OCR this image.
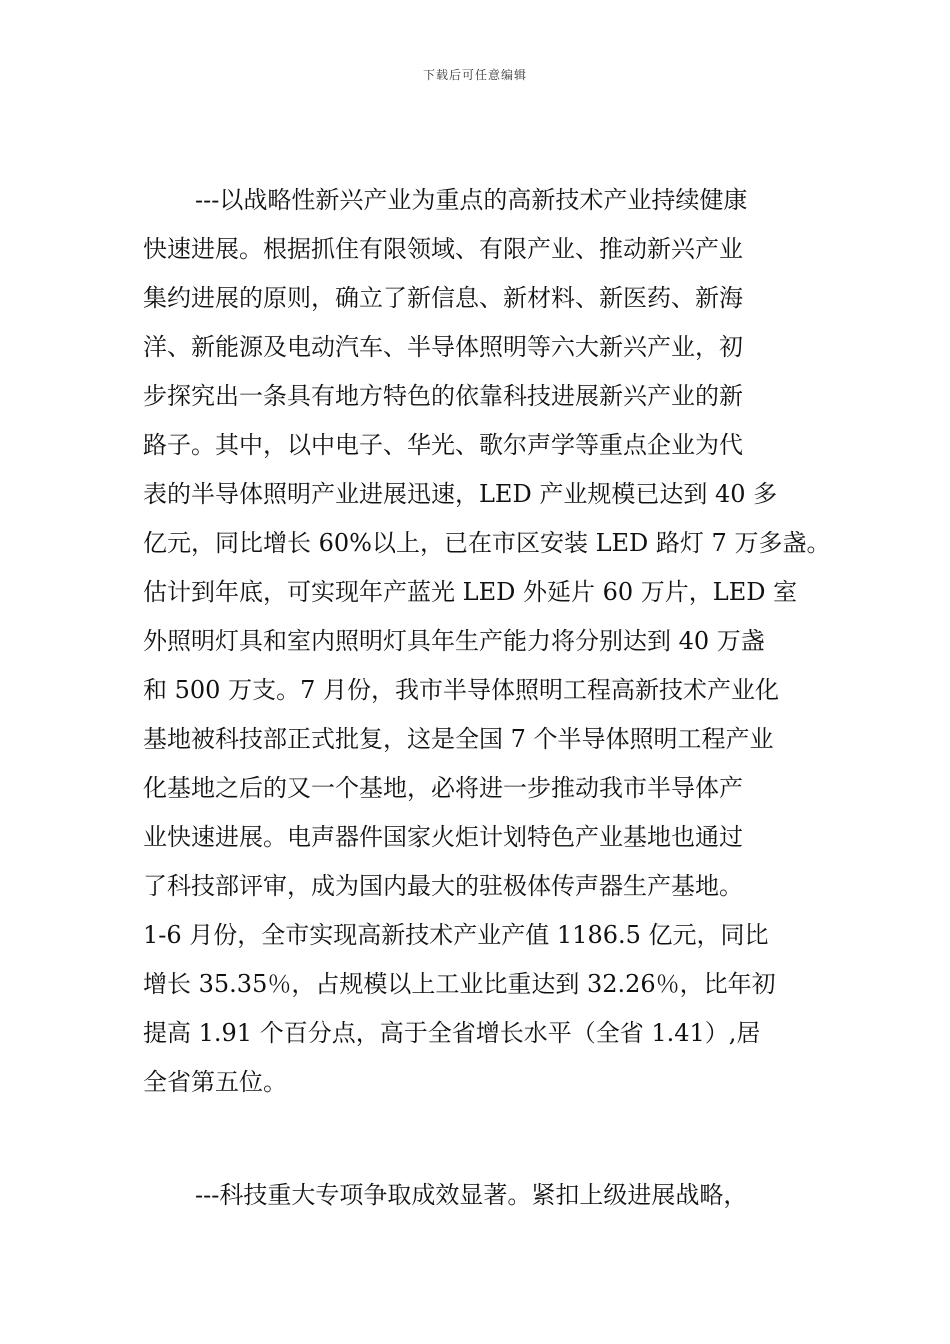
下载后可任意编辑
---以战略性新兴产业为重点的高新技术产业持续健康
快速进展。根据抓住有限领域、有限产业、推动新兴产业
集约进展的原则，确立了新信息、新材料、新医药、新海
洋、新能源及电动汽车、半导体照明等六大新兴产业，初
步探究出一条具有地方特色的依靠科技进展新兴产业的新
路子。其中，以中电子、华光、歌尔声学等重点企业为代
表的半导体照明产业进展迅速，LED 产业规模已达到 40 多
亿元，同比增长 60%以上，已在市区安装 LED 路灯 7 万多盏。
估计到年底，可实现年产蓝光 LED 外延片 60 万片，LED 室
外照明灯具和室内照明灯具年生产能力将分别达到 40 万盏
和 500 万支。7 月份，我市半导体照明工程高新技术产业化
基地被科技部正式批复，这是全国 7 个半导体照明工程产业
化基地之后的又一个基地，必将进一步推动我市半导体产
业快速进展。电声器件国家火炬计划特色产业基地也通过
了科技部评审，成为国内最大的驻极体传声器生产基地。
1-6 月份，全市实现高新技术产业产值 1186.5 亿元，同比
增长 35.35％，占规模以上工业比重达到 32.26％，比年初
提高 1.91 个百分点，高于全省增长水平（全省 1.41）,居
全省第五位。
---科技重大专项争取成效显著。紧扣上级进展战略，
